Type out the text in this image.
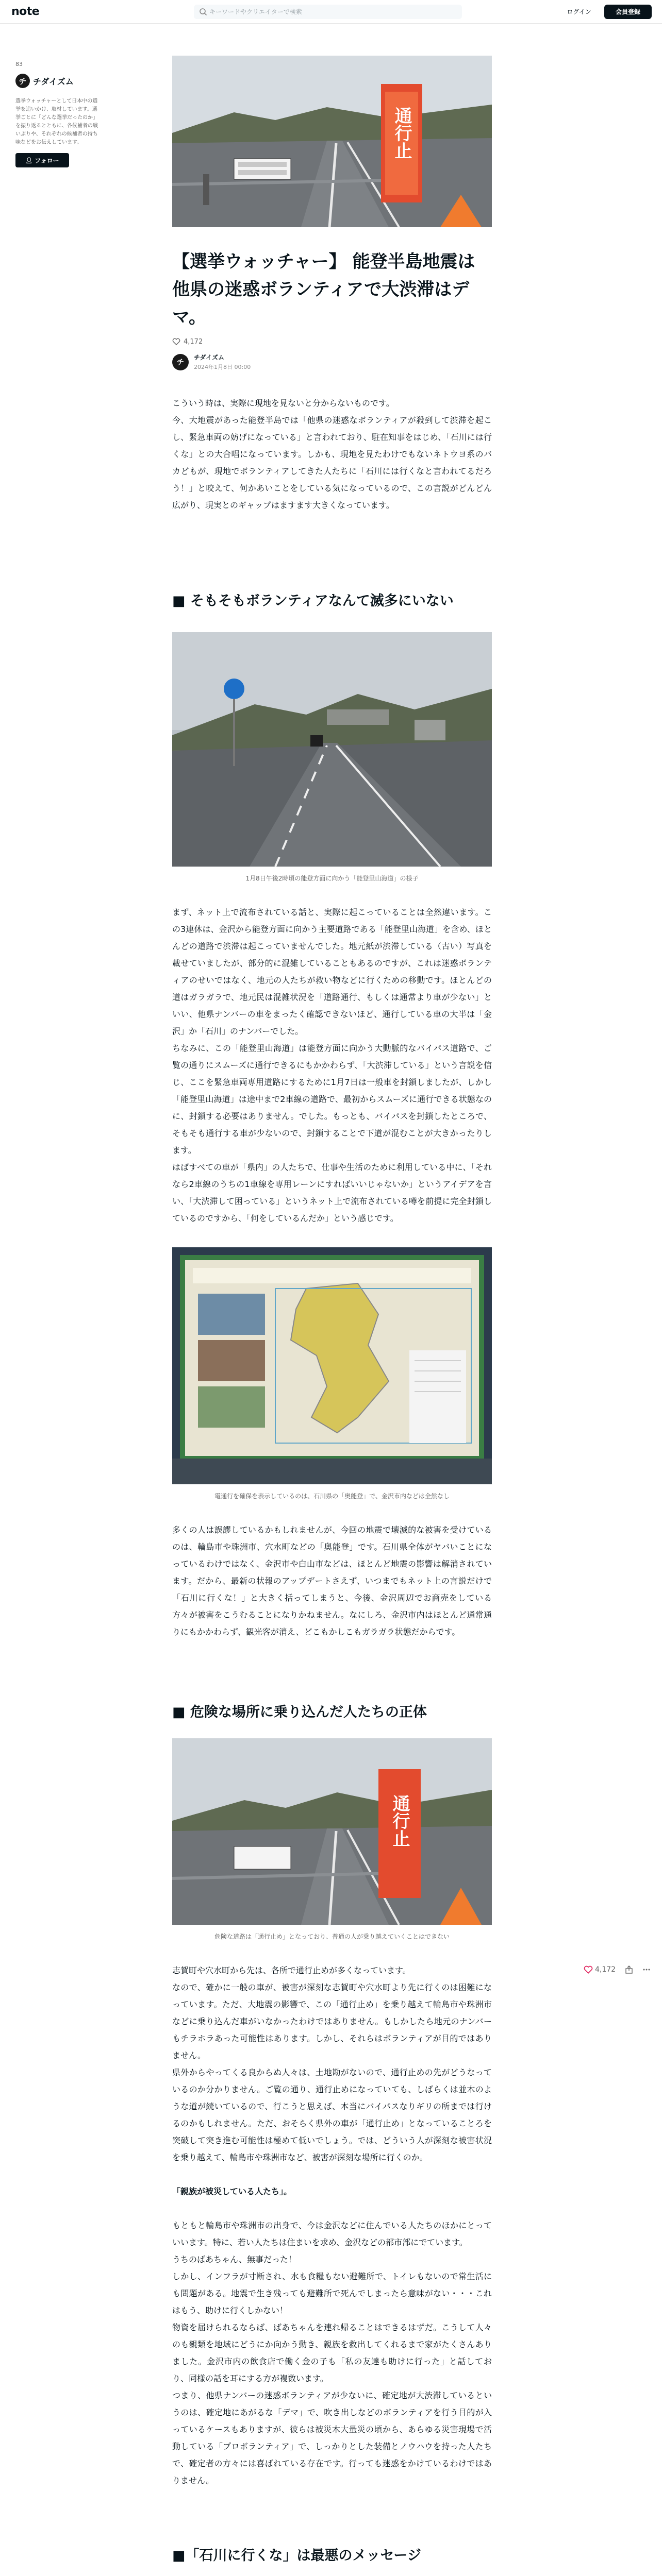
note
キーワードやクリエイターで検索	ログイン	会員登録
83
チ チダイズム
選挙ウォッチャーとして日本中の選挙を追いかけ、取材しています。選挙ごとに「どんな選挙だったのか」を振り返るとともに、各候補者の戦いぶりや、それぞれの候補者の持ち味などをお伝えしています。
👤︎ フォロー
通行止
【選挙ウォッチャー】 能登半島地震は他県の迷惑ボランティアで大渋滞はデマ。
4,172
チ
チダイズム
2024年1月8日 00:00

こういう時は、実際に現地を見ないと分からないものです。

今、大地震があった能登半島では「他県の迷惑なボランティアが殺到して渋滞を起こし、緊急車両の妨げになっている」と言われており、駐在知事をはじめ、「石川には行くな」との大合唱になっています。しかも、現地を見たわけでもないネトウヨ系のバカどもが、現地でボランティアしてきた人たちに「石川には行くなと言われてるだろう！」と咬えて、何かあいことをしている気になっているので、この言説がどんどん広がり、現実とのギャップはますます大きくなっています。

■ そもそもボランティアなんて滅多にいない
1月8日午後2時頃の能登方面に向かう「能登里山海道」の様子

まず、ネット上で流布されている話と、実際に起こっていることは全然違います。この3連休は、金沢から能登方面に向かう主要道路である「能登里山海道」を含め、ほとんどの道路で渋滞は起こっていませんでした。地元紙が渋滞している（古い）写真を載せていましたが、部分的に混雑していることもあるのですが、これは迷惑ボランティアのせいではなく、地元の人たちが救い物などに行くための移動です。ほとんどの道はガラガラで、地元民は混雑状況を「道路通行、もしくは通常より車が少ない」といい、他県ナンバーの車をまったく確認できないほど、通行している車の大半は「金沢」か「石川」のナンバーでした。

ちなみに、この「能登里山海道」は能登方面に向かう大動脈的なバイパス道路で、ご覧の通りにスムーズに通行できるにもかかわらず、「大渋滞している」という言説を信じ、ここを緊急車両専用道路にするために1月7日は一般車を封鎖しましたが、しかし「能登里山海道」は途中まで2車線の道路で、最初からスムーズに通行できる状態なのに、封鎖する必要はありません。でした。もっとも、バイパスを封鎖したところで、そもそも通行する車が少ないので、封鎖することで下道が混むことが大きかったりします。

はばすべての車が「県内」の人たちで、仕事や生活のために利用している中に、「それなら2車線のうちの1車線を専用レーンにすればいいじゃないか」というアイデアを言い、「大渋滞して困っている」というネット上で流布されている噂を前提に完全封鎖しているのですから、「何をしているんだか」という感じです。

電通行を確保を表示しているのは、石川県の「奥能登」で、金沢市内などは全然なし

多くの人は誤謬しているかもしれませんが、今回の地震で壊滅的な被害を受けているのは、輪島市や珠洲市、穴水町などの「奥能登」です。石川県全体がヤバいことになっているわけではなく、金沢市や白山市などは、ほとんど地震の影響は解消されています。だから、最新の状報のアップデートさえず、いつまでもネット上の言説だけで「石川に行くな！」と大きく括ってしまうと、今後、金沢周辺でお商売をしている方々が被害をこうむることになりかねません。なにしろ、金沢市内はほとんど通常通りにもかかわらず、観光客が消え、どこもかしこもガラガラ状態だからです。

■ 危険な場所に乗り込んだ人たちの正体
通行止
危険な道路は「通行止め」となっており、普通の人が乗り越えていくことはできない

志賀町や穴水町から先は、各所で通行止めが多くなっています。

なので、確かに一般の車が、被害が深刻な志賀町や穴水町より先に行くのは困難になっています。ただ、大地震の影響で、この「通行止め」を乗り越えて輪島市や珠洲市などに乗り込んだ車がいなかったわけではありません。もしかしたら地元のナンバーもチラホラあった可能性はあります。しかし、それらはボランティアが目的ではありません。

県外からやってくる良からぬ人々は、土地勘がないので、通行止めの先がどうなっているのか分かりません。ご覧の通り、通行止めになっていても、しばらくは並木のような道が続いているので、行こうと思えば、本当にバイパスなりギリの所までは行けるのかもしれません。ただ、おそらく県外の車が「通行止め」となっていることろを突破して突き進む可能性は極めて低いでしょう。では、どういう人が深刻な被害状況を乗り越えて、輪島市や珠洲市など、被害が深刻な場所に行くのか。

「親族が被災している人たち」。

もともと輪島市や珠洲市の出身で、今は金沢などに住んでいる人たちのほかにとっていいます。特に、若い人たちは住まいを求め、金沢などの都市部にでています。

うちのばあちゃん、無事だった！

しかし、インフラが寸断され、水も食糧もない避難所で、トイレもないので常生活にも問題がある。地震で生き残っても避難所で死んでしまったら意味がない・・・これはもう、助けに行くしかない！

物資を届けられるならば、ばあちゃんを連れ帰ることはできるはずだ。こうして人々のも親類を地域にどうにか向かう動き、親族を救出してくれるまで家がたくさんありました。金沢市内の飲食店で働く金の子も「私の友達も助けに行った」と話しており、同様の話を耳にする方が複数います。

つまり、他県ナンバーの迷惑ボランティアが少ないに、確定地が大渋滞しているというのは、確定地にあがるな「デマ」で、吹き出しなどのボランティアを行う目的が入っているケースもありますが、彼らは被災木大量災の頃から、あらゆる災害現場で活動している「プロボランティア」で、しっかりとした装備とノウハウを持った人たちで、確定者の方々には喜ばれている存在です。行っても迷惑をかけているわけではありません。

■「石川に行くな」は最悪のメッセージ
4,172
